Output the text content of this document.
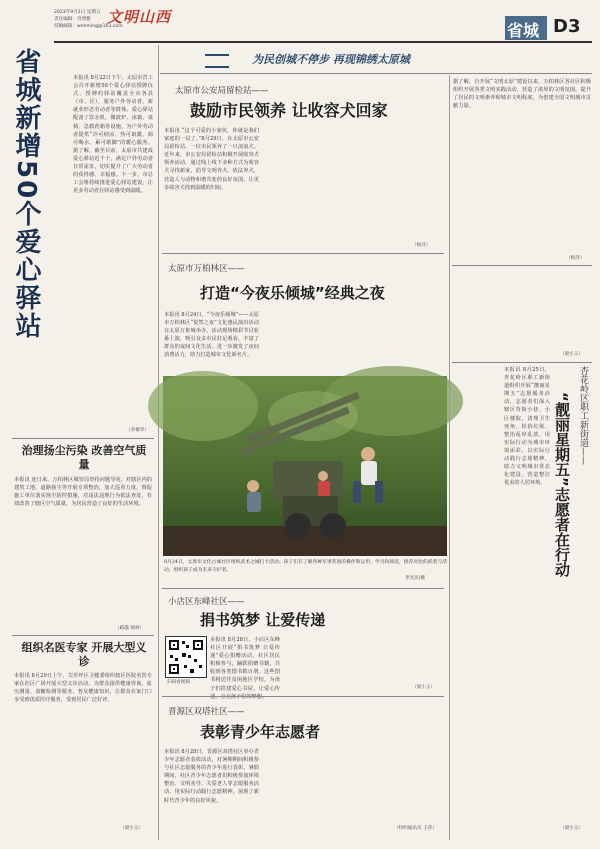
2023年9月1日 星期五
责任编辑：肖增雅
投稿邮箱：wenming@163.com
文明山西
省城 D3
为民创城不停步 再现锦绣太原城
省城新增50个爱心驿站	本报讯 8月22日下午，太原市晋工会召开新增50个爱心驿站授牌仪式，授牌的驿站覆盖全市各县（市、区），服务户外劳动者、新就业形态劳动者等群体。爱心驿站配备了饮水机、微波炉、冰箱、桌椅、急救药箱等设施，为户外劳动者提供“冷可纳凉、热可取暖、渴可喝水、累可歇脚”的暖心服务。据了解，截至目前，太原市共建成爱心驿站近千个，满足户外劳动者日常需求，切实提升了广大劳动者的获得感、幸福感。下一步，市总工会将持续推进爱心驿站建设，让更多劳动者在驿站感受到温暖。
（李俊华）
治理扬尘污染 改善空气质量
本报讯 连日来，万柏林区城管局坚持问题导向，对辖区内的建筑工地、道路扬尘等开展专项整治，加大巡查力度，督促施工单位落实扬尘防控措施，对违法违规行为依法查处，有效改善了辖区空气质量，为居民营造了良好的生活环境。
（路越 郝林）
组织名医专家 开展大型义诊
本报讯 8月29日上午，尖草坪区卫健委组织辖区医院名医专家在社区广场开展大型义诊活动，为群众提供健康咨询、血压测量、血糖检测等服务，普及健康知识，让群众在家门口享受到优质医疗服务，受到居民广泛好评。
（梁小玉）
太原市公安局留检站——
鼓励市民领养 让收容犬回家
本报讯 “这个可爱的小家伙，你就是我们家庭的一员了。”8月29日，在太原市公安局留检站，一位市民领养了一只流浪犬。近年来，市公安局留检站积极开展收容犬领养活动，通过线上线下多种方式为收容犬寻找新家，倡导文明养犬、依法养犬，营造人与动物和谐共处的良好氛围，让更多收容犬找到温暖的归宿。
（杨洋）
太原市万柏林区——
打造“今夜乐倾城”经典之夜
本报讯 8月24日，“今夜乐倾城”——太原市万柏林区“悦然之夜”文化惠民演出活动在太原万象城举办。活动现场精彩节目轮番上演，吸引众多市民驻足观看，丰富了群众的夜间文化生活，进一步激发了夜间消费活力，助力打造城市文化新名片。	（梁小玉）
8月24日，太原市文化古城社区组织武术之城打卡活动。孩子们在了解各种军事装备的操作和运用，学习和阅读，推荐对比的武装与活动，组织孩子成为未来守护者。
李光民/摄
小店区东峰社区——
捐书筑梦 让爱传递
扫码看视频
本报讯 8月28日，小店区东峰社区开展“捐书筑梦 让爱传递”爱心捐赠活动，社区居民积极参与，踊跃捐赠书籍，共收到各类图书数百册。这些图书将送往贫困地区学校，为孩子们搭建爱心书屋，让爱心传	（梁小玉）
晋源区双塔社区——
表彰青少年志愿者
本报讯 8月28日，晋源区双塔社区举办青少年志愿者表彰活动，对暑期期间积极参与社区志愿服务的青少年进行表彰。暑假期间，社区青少年志愿者们积极参加环境整治、文明劝导、关爱老人等志愿服务活动，用实际行动践行志愿精神，展现了新时代青少年的良好风貌。
（特约通讯员 王萍）
据了解，自开展“文明太原”建设以来，万柏林区各社区积极组织开展各类文明实践活动，营造了浓厚的文明氛围，提升了居民的文明素养和城市文明程度，为创建全国文明城市贡献力量。
（杨洋）
杏花岭区职工新街道——
“靓丽星期五”志愿者在行动
本报讯 8月25日，杏花岭区职工新街道组织开展“靓丽星期五”志愿服务活动，志愿者们深入辖区背街小巷、小区楼院，清理卫生死角、捡拾垃圾、整治乱停乱放，用实际行动为城市环境添彩，以实际行动践行志愿精神，助力文明城市常态化建设，营造整洁优美的人居环境。
（梁小玉）
